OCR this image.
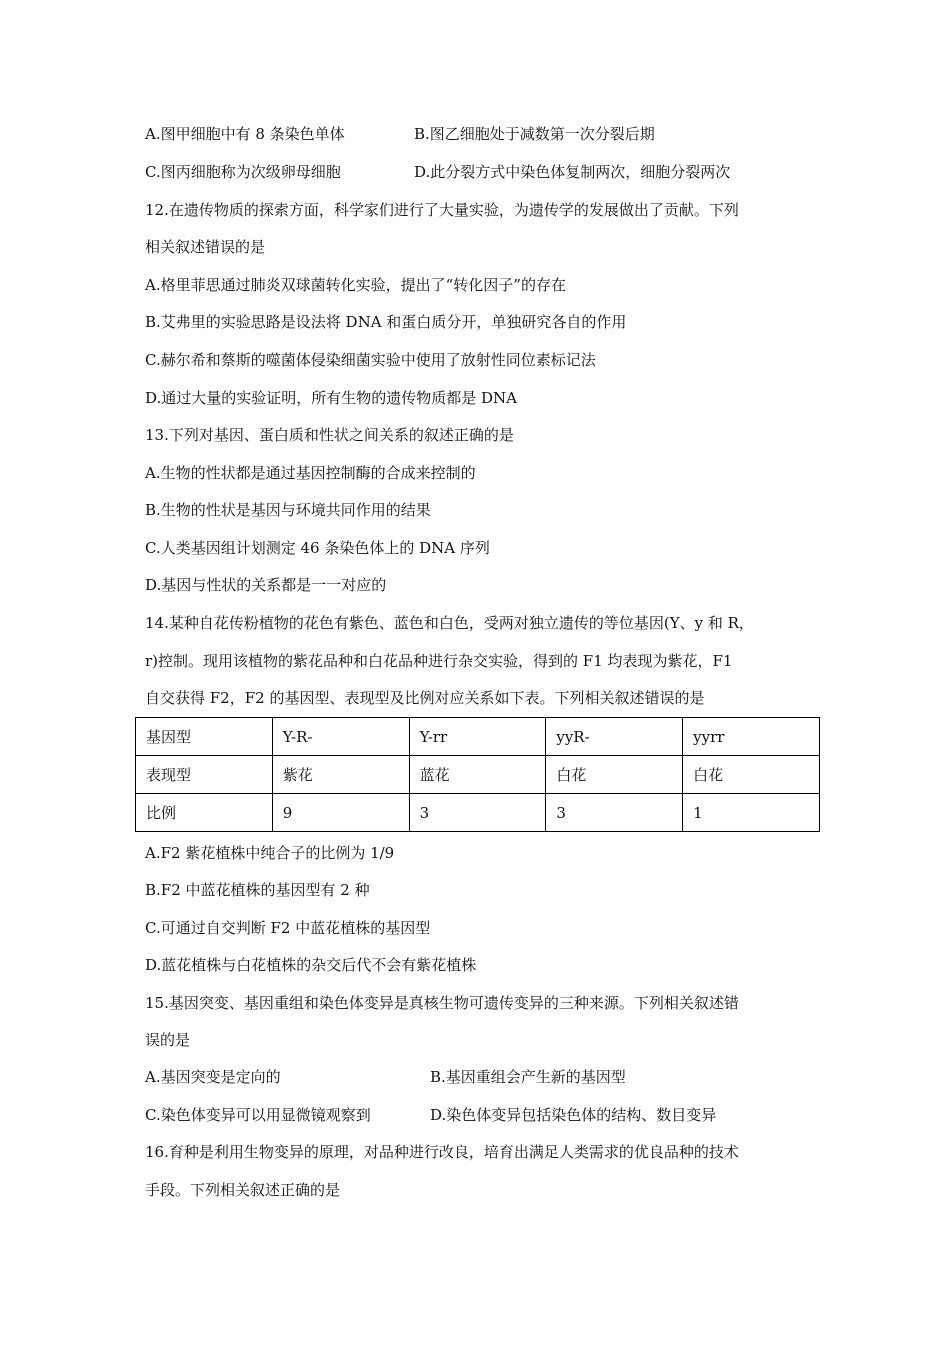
A.图甲细胞中有 8 条染色单体	B.图乙细胞处于减数第一次分裂后期
C.图丙细胞称为次级卵母细胞	D.此分裂方式中染色体复制两次，细胞分裂两次
12.在遗传物质的探索方面，科学家们进行了大量实验，为遗传学的发展做出了贡献。下列
相关叙述错误的是
A.格里菲思通过肺炎双球菌转化实验，提出了“转化因子”的存在
B.艾弗里的实验思路是设法将 DNA 和蛋白质分开，单独研究各自的作用
C.赫尔希和蔡斯的噬菌体侵染细菌实验中使用了放射性同位素标记法
D.通过大量的实验证明，所有生物的遗传物质都是 DNA
13.下列对基因、蛋白质和性状之间关系的叙述正确的是
A.生物的性状都是通过基因控制酶的合成来控制的
B.生物的性状是基因与环境共同作用的结果
C.人类基因组计划测定 46 条染色体上的 DNA 序列
D.基因与性状的关系都是一一对应的
14.某种自花传粉植物的花色有紫色、蓝色和白色，受两对独立遗传的等位基因(Y、y 和 R，
r)控制。现用该植物的紫花品种和白花品种进行杂交实验，得到的 F1 均表现为紫花，F1
自交获得 F2，F2 的基因型、表现型及比例对应关系如下表。下列相关叙述错误的是
基因型	Y-R-	Y-rr	yyR-	yyrr
表现型	紫花	蓝花	白花	白花
比例	9	3	3	1
A.F2 紫花植株中纯合子的比例为 1/9
B.F2 中蓝花植株的基因型有 2 种
C.可通过自交判断 F2 中蓝花植株的基因型
D.蓝花植株与白花植株的杂交后代不会有紫花植株
15.基因突变、基因重组和染色体变异是真核生物可遗传变异的三种来源。下列相关叙述错
误的是
A.基因突变是定向的	B.基因重组会产生新的基因型
C.染色体变异可以用显微镜观察到	D.染色体变异包括染色体的结构、数目变异
16.育种是利用生物变异的原理，对品种进行改良，培育出满足人类需求的优良品种的技术
手段。下列相关叙述正确的是
